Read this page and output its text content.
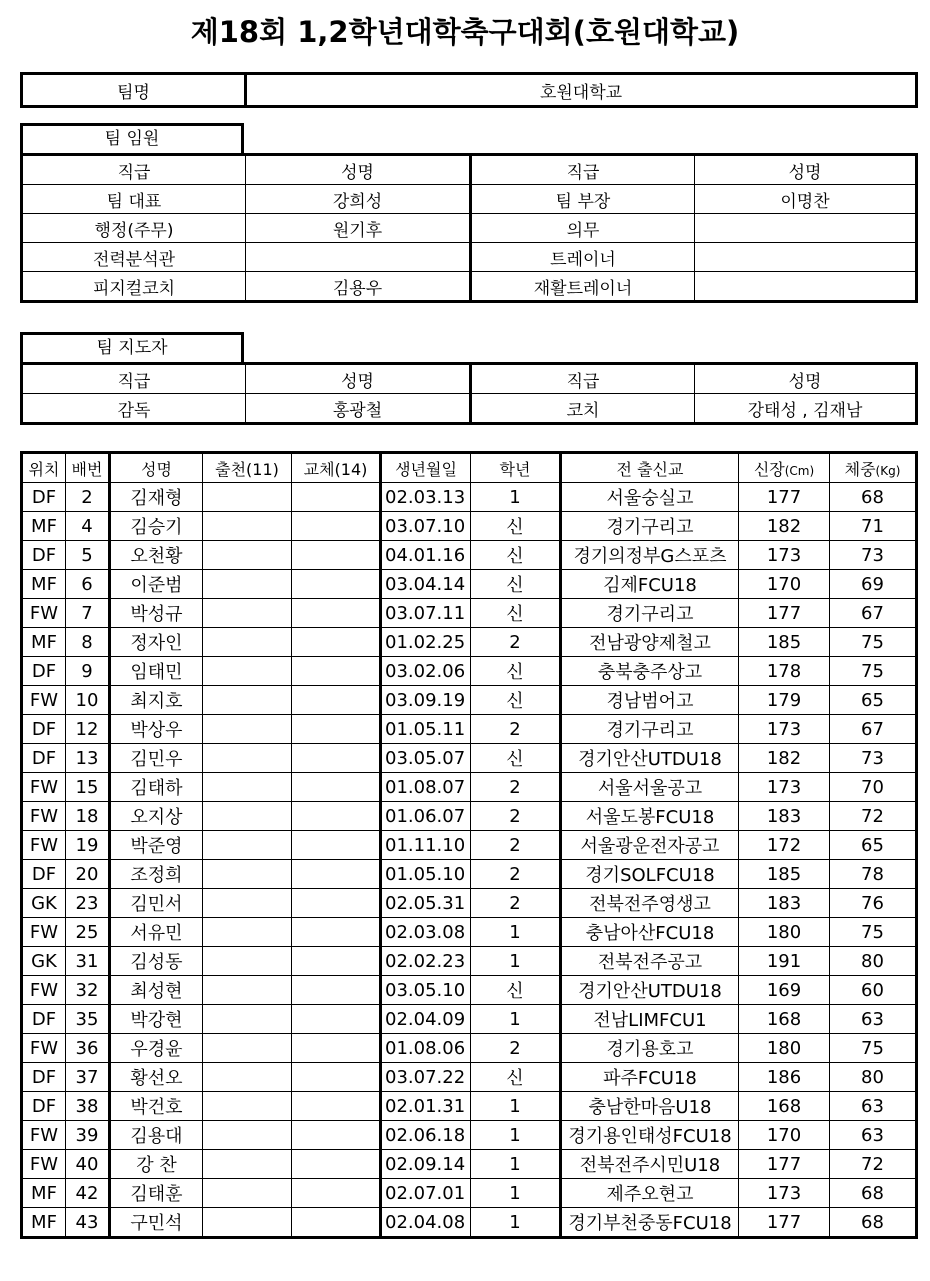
제18회 1,2학년대학축구대회(호원대학교)
팀명	호원대학교
팀 임원
직급	성명	직급	성명
팀 대표	강희성	팀 부장	이명찬
행정(주무)	원기후	의무	
전력분석관		트레이너	
피지컬코치	김용우	재활트레이너	
팀 지도자
직급	성명	직급	성명
감독	홍광철	코치	강태성 , 김재남
위치	배번	성명	출천(11)	교체(14)	생년월일	학년	전 출신교	신장(Cm)	체중(Kg)
DF	2	김재형			02.03.13	1	서울숭실고	177	68
MF	4	김승기			03.07.10	신	경기구리고	182	71
DF	5	오천황			04.01.16	신	경기의정부G스포츠	173	73
MF	6	이준범			03.04.14	신	김제FCU18	170	69
FW	7	박성규			03.07.11	신	경기구리고	177	67
MF	8	정자인			01.02.25	2	전남광양제철고	185	75
DF	9	임태민			03.02.06	신	충북충주상고	178	75
FW	10	최지호			03.09.19	신	경남범어고	179	65
DF	12	박상우			01.05.11	2	경기구리고	173	67
DF	13	김민우			03.05.07	신	경기안산UTDU18	182	73
FW	15	김태하			01.08.07	2	서울서울공고	173	70
FW	18	오지상			01.06.07	2	서울도봉FCU18	183	72
FW	19	박준영			01.11.10	2	서울광운전자공고	172	65
DF	20	조정희			01.05.10	2	경기SOLFCU18	185	78
GK	23	김민서			02.05.31	2	전북전주영생고	183	76
FW	25	서유민			02.03.08	1	충남아산FCU18	180	75
GK	31	김성동			02.02.23	1	전북전주공고	191	80
FW	32	최성현			03.05.10	신	경기안산UTDU18	169	60
DF	35	박강현			02.04.09	1	전남LIMFCU1	168	63
FW	36	우경윤			01.08.06	2	경기용호고	180	75
DF	37	황선오			03.07.22	신	파주FCU18	186	80
DF	38	박건호			02.01.31	1	충남한마음U18	168	63
FW	39	김용대			02.06.18	1	경기용인태성FCU18	170	63
FW	40	강 찬			02.09.14	1	전북전주시민U18	177	72
MF	42	김태훈			02.07.01	1	제주오현고	173	68
MF	43	구민석			02.04.08	1	경기부천중동FCU18	177	68
